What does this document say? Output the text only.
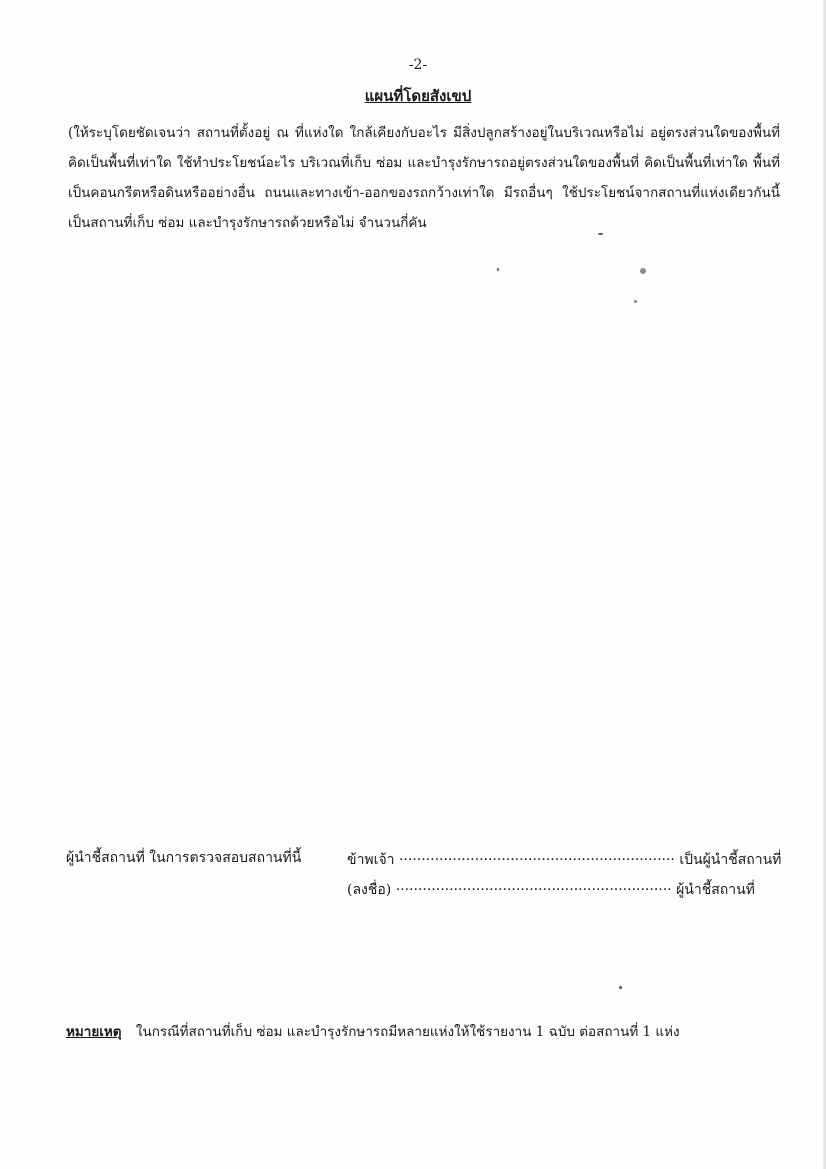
-2-
แผนที่โดยสังเขป

(ให้ระบุโดยชัดเจนว่า สถานที่ตั้งอยู่ ณ ที่แห่งใด ใกล้เคียงกับอะไร มีสิ่งปลูกสร้างอยู่ในบริเวณหรือไม่ อยู่ตรงส่วนใดของพื้นที่ คิดเป็นพื้นที่เท่าใด ใช้ทำประโยชน์อะไร บริเวณที่เก็บ ซ่อม และบำรุงรักษารถอยู่ตรงส่วนใดของพื้นที่ คิดเป็นพื้นที่เท่าใด พื้นที่เป็นคอนกรีตหรือดินหรืออย่างอื่น ถนนและทางเข้า-ออกของรถกว้างเท่าใด มีรถอื่นๆ ใช้ประโยชน์จากสถานที่แห่งเดียวกันนี้ เป็นสถานที่เก็บ ซ่อม และบำรุงรักษารถด้วยหรือไม่ จำนวนกี่คัน

ผู้นำชี้สถานที่ ในการตรวจสอบสถานที่นี้	ข้าพเจ้า .............................................................. เป็นผู้นำชี้สถานที่
(ลงชื่อ) .............................................................. ผู้นำชี้สถานที่
หมายเหตุ ในกรณีที่สถานที่เก็บ ซ่อม และบำรุงรักษารถมีหลายแห่งให้ใช้รายงาน 1 ฉบับ ต่อสถานที่ 1 แห่ง
